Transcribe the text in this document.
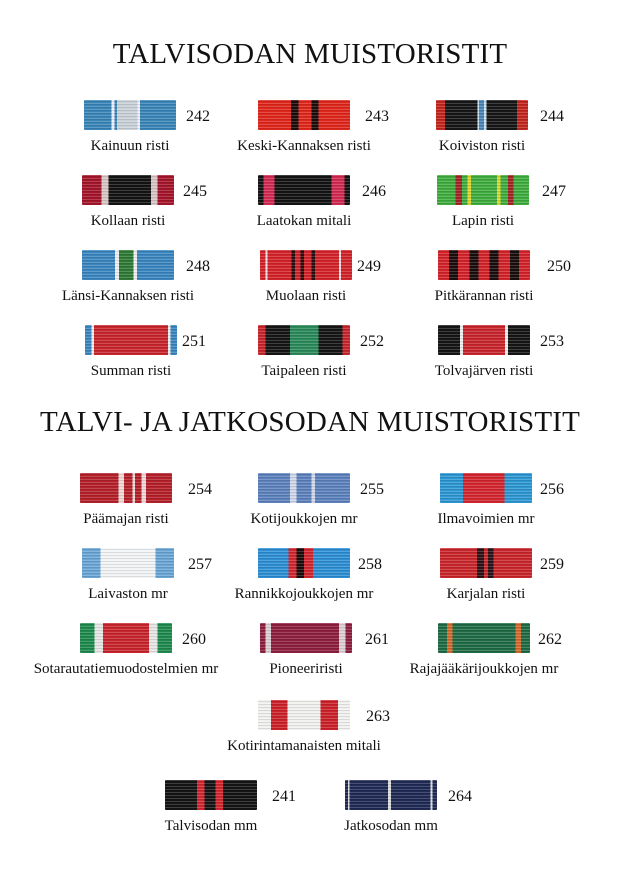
TALVISODAN MUISTORISTIT
TALVI- JA JATKOSODAN MUISTORISTIT
242
Kainuun risti
243
Keski-Kannaksen risti
244
Koiviston risti
245
Kollaan risti
246
Laatokan mitali
247
Lapin risti
248
Länsi-Kannaksen risti
249
Muolaan risti
250
Pitkärannan risti
251
Summan risti
252
Taipaleen risti
253
Tolvajärven risti
254
Päämajan risti
255
Kotijoukkojen mr
256
Ilmavoimien mr
257
Laivaston mr
258
Rannikkojoukkojen mr
259
Karjalan risti
260
Sotarautatiemuodostelmien mr
261
Pioneeriristi
262
Rajajääkärijoukkojen mr
263
Kotirintamanaisten mitali
241
Talvisodan mm
264
Jatkosodan mm
